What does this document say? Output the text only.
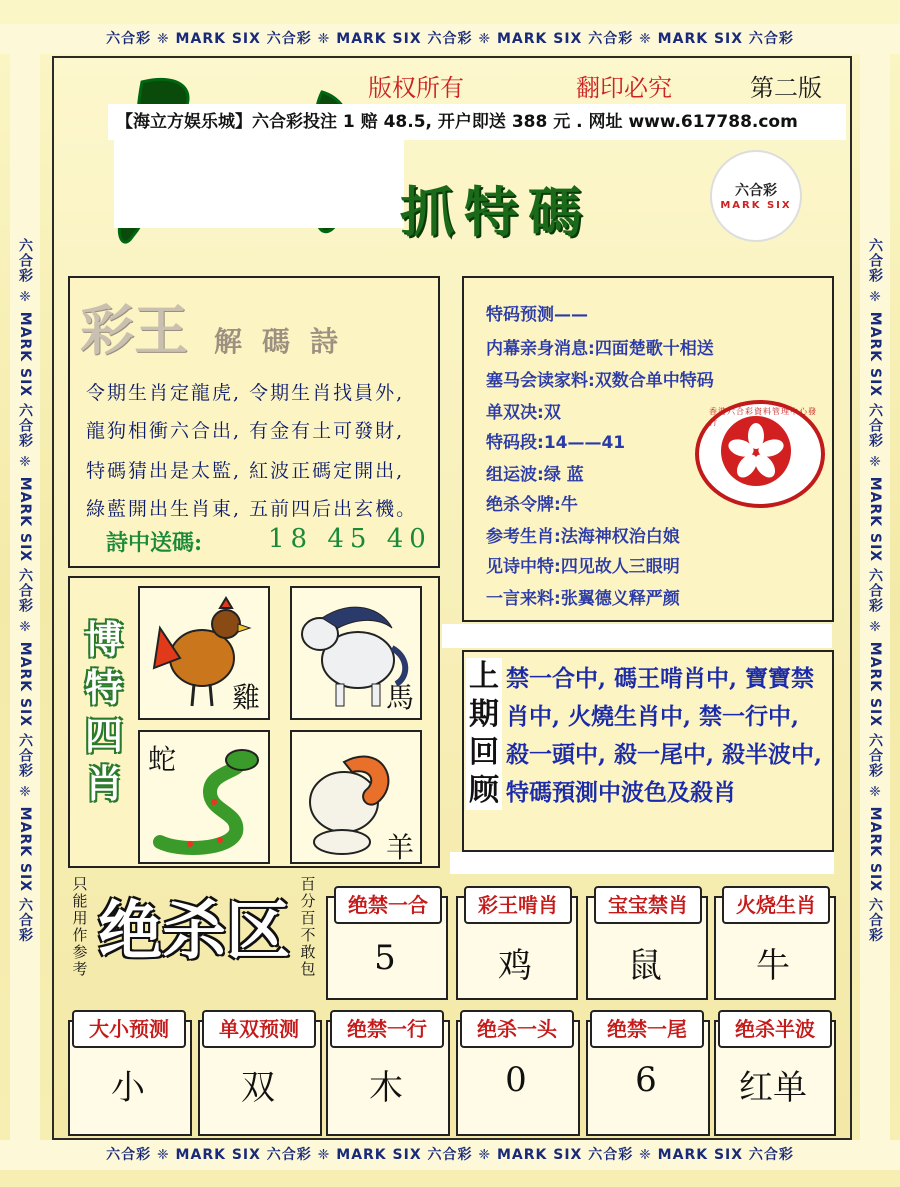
六合彩 ❈ MARK SIX 六合彩 ❈ MARK SIX 六合彩 ❈ MARK SIX 六合彩 ❈ MARK SIX 六合彩
六合彩 ❈ MARK SIX 六合彩 ❈ MARK SIX 六合彩 ❈ MARK SIX 六合彩 ❈ MARK SIX 六合彩
六合彩 ❈ MARK SIX 六合彩 ❈ MARK SIX 六合彩 ❈ MARK SIX 六合彩 ❈ MARK SIX 六合彩	六合彩 ❈ MARK SIX 六合彩 ❈ MARK SIX 六合彩 ❈ MARK SIX 六合彩 ❈ MARK SIX 六合彩
版权所有	翻印必究	第二版
【海立方娱乐城】六合彩投注 1 赔 48.5, 开户即送 388 元 . 网址 www.617788.com
抓特碼	六合彩
MARK SIX
彩王 解碼詩
令期生肖定龍虎, 令期生肖找員外,
龍狗相衝六合出, 有金有土可發財,
特碼猜出是太監, 紅波正碼定開出,
綠藍開出生肖東, 五前四后出玄機。
詩中送碼:	18 45 40
特码预测——
内幕亲身消息:四面楚歌十相送
塞马会读家料:双数合单中特码
单双决:双
特码段:14——41
组运波:绿 蓝
绝杀令牌:牛
参考生肖:法海神权治白娘
见诗中特:四见故人三眼明
一言来料:张翼德义释严颜
香港六合彩資料管理中心發行
博特四肖
雞	馬
蛇
羊
上期回顾
禁一合中, 碼王啃肖中, 寶寶禁肖中, 火燒生肖中, 禁一行中, 殺一頭中, 殺一尾中, 殺半波中, 特碼預測中波色及殺肖
只能用作参考 绝杀区
百分百不敢包
绝禁一合
5
彩王啃肖
鸡
宝宝禁肖
鼠
火烧生肖
牛
大小预测
小
单双预测
双
绝禁一行
木
绝杀一头
0
绝禁一尾
6
绝杀半波
红单
